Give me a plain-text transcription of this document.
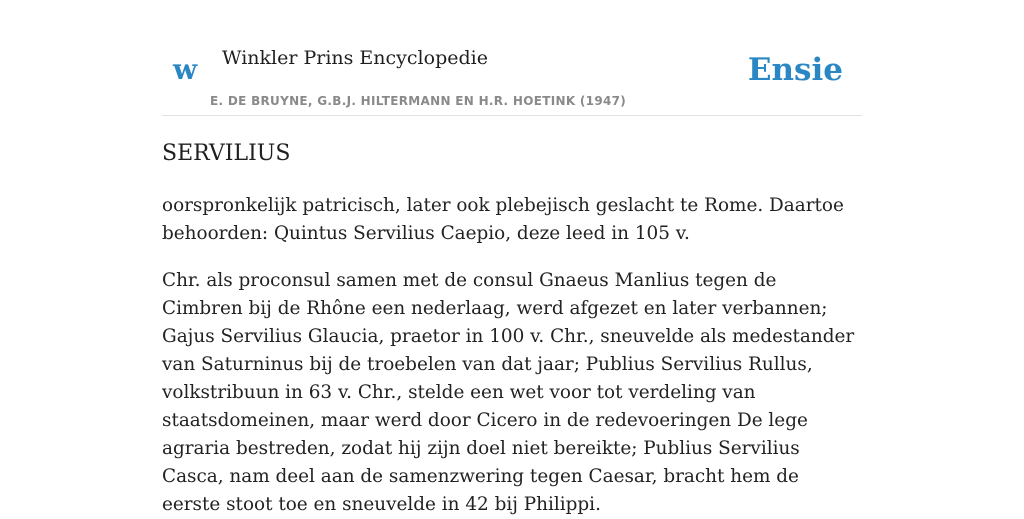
w Winkler Prins Encyclopedie
E. DE BRUYNE, G.B.J. HILTERMANN EN H.R. HOETINK (1947)
Ensie
SERVILIUS

oorspronkelijk patricisch, later ook plebejisch geslacht te Rome. Daartoe behoorden: Quintus Servilius Caepio, deze leed in 105 v.

Chr. als proconsul samen met de consul Gnaeus Manlius tegen de Cimbren bij de Rhône een nederlaag, werd afgezet en later verbannen; Gajus Servilius Glaucia, praetor in 100 v. Chr., sneuvelde als medestander van Saturninus bij de troebelen van dat jaar; Publius Servilius Rullus, volkstribuun in 63 v. Chr., stelde een wet voor tot verdeling van staatsdomeinen, maar werd door Cicero in de redevoeringen De lege agraria bestreden, zodat hij zijn doel niet bereikte; Publius Servilius Casca, nam deel aan de samenzwering tegen Caesar, bracht hem de eerste stoot toe en sneuvelde in 42 bij Philippi.
